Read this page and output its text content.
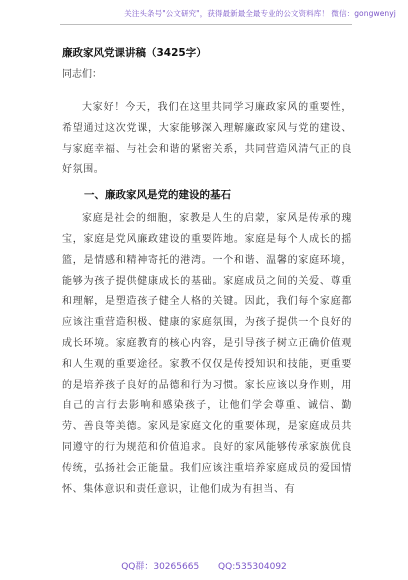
关注头条号"公文研究"，获得最新最全最专业的公文资料库！ 微信：gongwenyj
廉政家风党课讲稿（3425字）
同志们：

大家好！今天，我们在这里共同学习廉政家风的重要性，希望通过这次党课，大家能够深入理解廉政家风与党的建设、与家庭幸福、与社会和谐的紧密关系，共同营造风清气正的良好氛围。

一、廉政家风是党的建设的基石

家庭是社会的细胞，家教是人生的启蒙，家风是传承的瑰宝，家庭是党风廉政建设的重要阵地。家庭是每个人成长的摇篮，是情感和精神寄托的港湾。一个和谐、温馨的家庭环境，能够为孩子提供健康成长的基础。家庭成员之间的关爱、尊重和理解，是塑造孩子健全人格的关键。因此，我们每个家庭都应该注重营造积极、健康的家庭氛围，为孩子提供一个良好的成长环境。家庭教育的核心内容，是引导孩子树立正确价值观和人生观的重要途径。家教不仅仅是传授知识和技能，更重要的是培养孩子良好的品德和行为习惯。家长应该以身作则，用自己的言行去影响和感染孩子，让他们学会尊重、诚信、勤劳、善良等美德。家风是家庭文化的重要体现，是家庭成员共同遵守的行为规范和价值追求。良好的家风能够传承家族优良传统，弘扬社会正能量。我们应该注重培养家庭成员的爱国情怀、集体意识和责任意识，让他们成为有担当、有

QQ群：30265665 QQ:535304092
